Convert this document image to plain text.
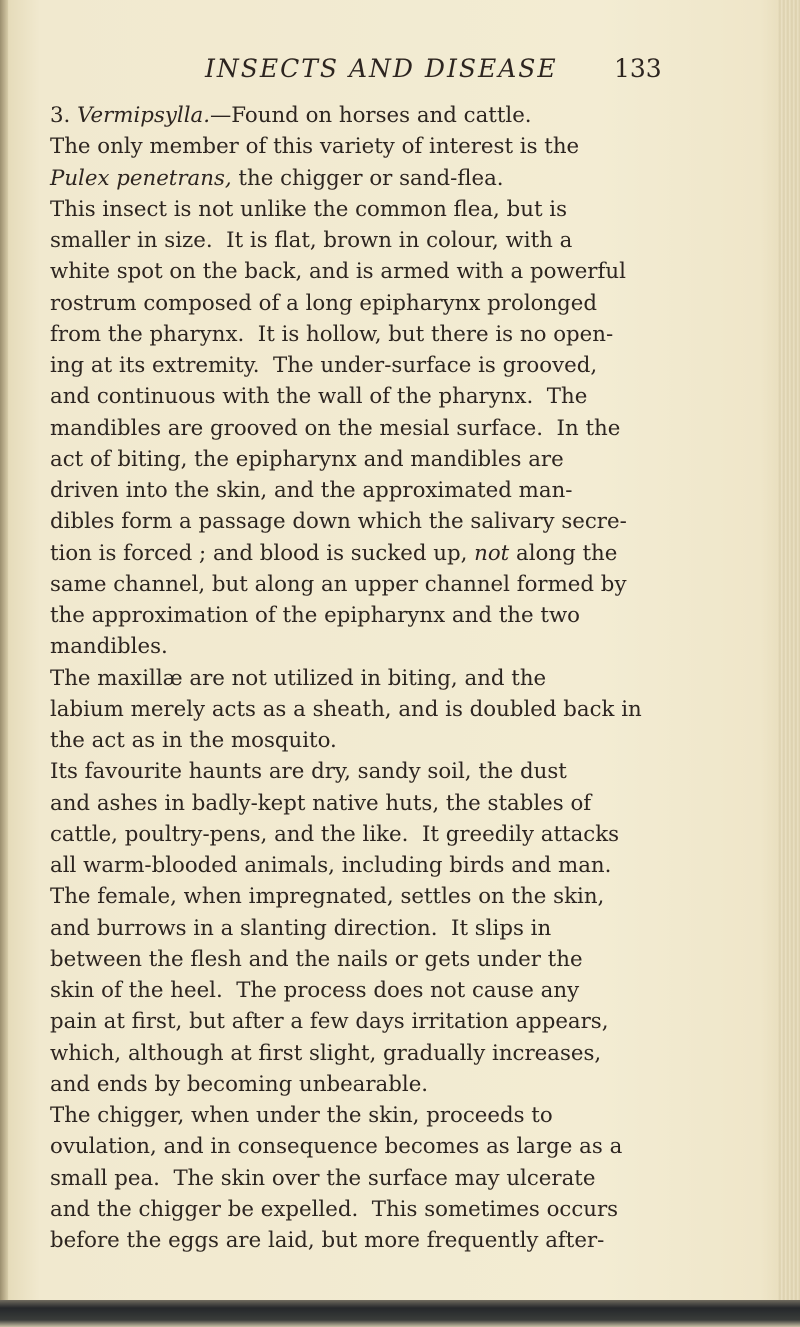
INSECTS AND DISEASE 133
3. Vermipsylla.—Found on horses and cattle.
The only member of this variety of interest is the
Pulex penetrans, the chigger or sand-flea.
This insect is not unlike the common flea, but is
smaller in size.  It is flat, brown in colour, with a
white spot on the back, and is armed with a powerful
rostrum composed of a long epipharynx prolonged
from the pharynx.  It is hollow, but there is no open-
ing at its extremity.  The under-surface is grooved,
and continuous with the wall of the pharynx.  The
mandibles are grooved on the mesial surface.  In the
act of biting, the epipharynx and mandibles are
driven into the skin, and the approximated man-
dibles form a passage down which the salivary secre-
tion is forced ; and blood is sucked up, not along the
same channel, but along an upper channel formed by
the approximation of the epipharynx and the two
mandibles.
The maxillæ are not utilized in biting, and the
labium merely acts as a sheath, and is doubled back in
the act as in the mosquito.
Its favourite haunts are dry, sandy soil, the dust
and ashes in badly-kept native huts, the stables of
cattle, poultry-pens, and the like.  It greedily attacks
all warm-blooded animals, including birds and man.
The female, when impregnated, settles on the skin,
and burrows in a slanting direction.  It slips in
between the flesh and the nails or gets under the
skin of the heel.  The process does not cause any
pain at first, but after a few days irritation appears,
which, although at first slight, gradually increases,
and ends by becoming unbearable.
The chigger, when under the skin, proceeds to
ovulation, and in consequence becomes as large as a
small pea.  The skin over the surface may ulcerate
and the chigger be expelled.  This sometimes occurs
before the eggs are laid, but more frequently after-
